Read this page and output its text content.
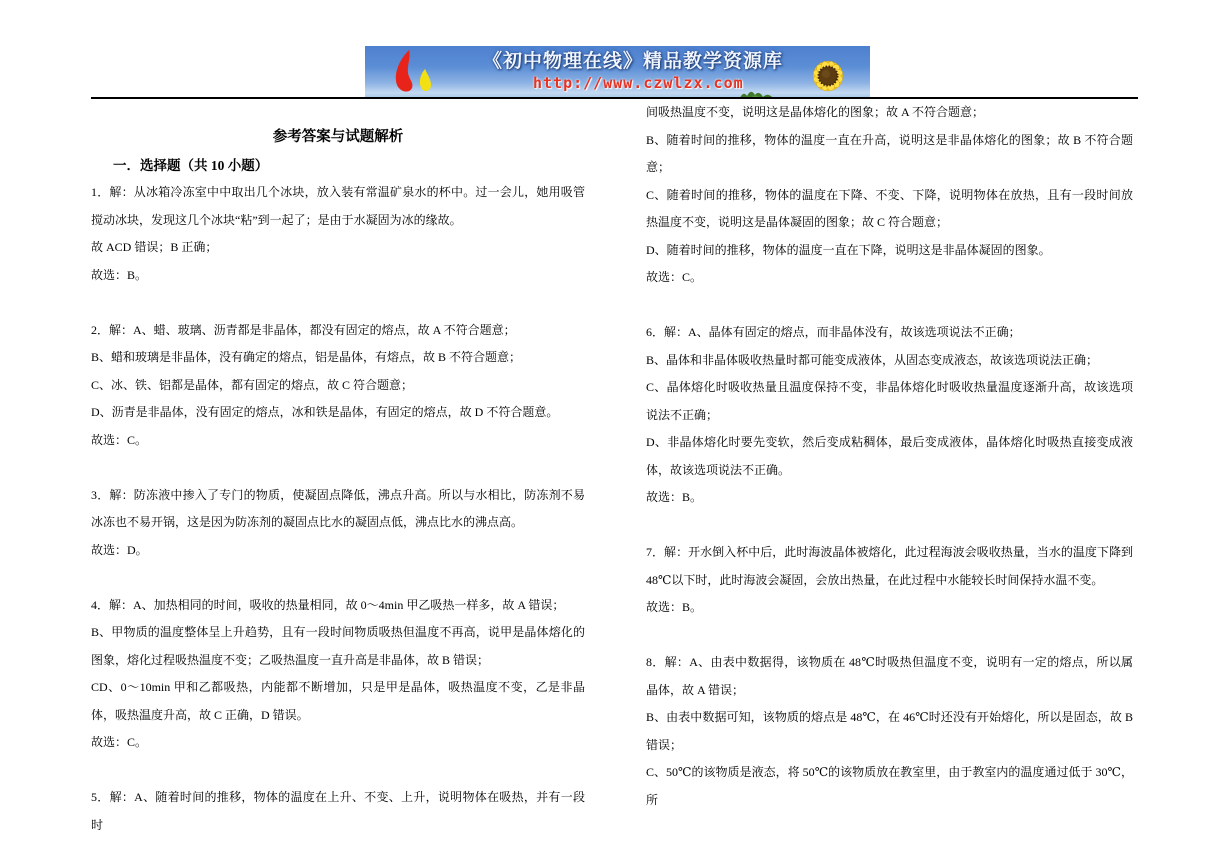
《初中物理在线》精品教学资源库
http://www.czwlzx.com
参考答案与试题解析
一．选择题（共 10 小题）

1．解：从冰箱冷冻室中中取出几个冰块，放入装有常温矿泉水的杯中。过一会儿，她用吸管搅动冰块，发现这几个冰块“粘”到一起了；是由于水凝固为冰的缘故。

故 ACD 错误；B 正确；

故选：B。

2．解：A、蜡、玻璃、沥青都是非晶体，都没有固定的熔点，故 A 不符合题意；

B、蜡和玻璃是非晶体，没有确定的熔点，铝是晶体，有熔点，故 B 不符合题意；

C、冰、铁、铝都是晶体，都有固定的熔点，故 C 符合题意；

D、沥青是非晶体，没有固定的熔点，冰和铁是晶体，有固定的熔点，故 D 不符合题意。

故选：C。

3．解：防冻液中掺入了专门的物质，使凝固点降低，沸点升高。所以与水相比，防冻剂不易冰冻也不易开锅，这是因为防冻剂的凝固点比水的凝固点低，沸点比水的沸点高。

故选：D。

4．解：A、加热相同的时间，吸收的热量相同，故 0～4min 甲乙吸热一样多，故 A 错误；

B、甲物质的温度整体呈上升趋势，且有一段时间物质吸热但温度不再高，说甲是晶体熔化的图象，熔化过程吸热温度不变；乙吸热温度一直升高是非晶体，故 B 错误；

CD、0～10min 甲和乙都吸热，内能都不断增加，只是甲是晶体，吸热温度不变，乙是非晶体，吸热温度升高，故 C 正确，D 错误。

故选：C。

5．解：A、随着时间的推移，物体的温度在上升、不变、上升，说明物体在吸热，并有一段时

间吸热温度不变，说明这是晶体熔化的图象；故 A 不符合题意；

B、随着时间的推移，物体的温度一直在升高，说明这是非晶体熔化的图象；故 B 不符合题意；

C、随着时间的推移，物体的温度在下降、不变、下降，说明物体在放热，且有一段时间放热温度不变，说明这是晶体凝固的图象；故 C 符合题意；

D、随着时间的推移，物体的温度一直在下降，说明这是非晶体凝固的图象。

故选：C。

6．解：A、晶体有固定的熔点，而非晶体没有，故该选项说法不正确；

B、晶体和非晶体吸收热量时都可能变成液体，从固态变成液态，故该选项说法正确；

C、晶体熔化时吸收热量且温度保持不变，非晶体熔化时吸收热量温度逐渐升高，故该选项说法不正确；

D、非晶体熔化时要先变软，然后变成粘稠体，最后变成液体，晶体熔化时吸热直接变成液体，故该选项说法不正确。

故选：B。

7．解：开水倒入杯中后，此时海波晶体被熔化，此过程海波会吸收热量，当水的温度下降到 48℃以下时，此时海波会凝固，会放出热量，在此过程中水能较长时间保持水温不变。

故选：B。

8．解：A、由表中数据得，该物质在 48℃时吸热但温度不变，说明有一定的熔点，所以属晶体，故 A 错误；

B、由表中数据可知，该物质的熔点是 48℃，在 46℃时还没有开始熔化，所以是固态，故 B 错误；

C、50℃的该物质是液态，将 50℃的该物质放在教室里，由于教室内的温度通过低于 30℃，所
